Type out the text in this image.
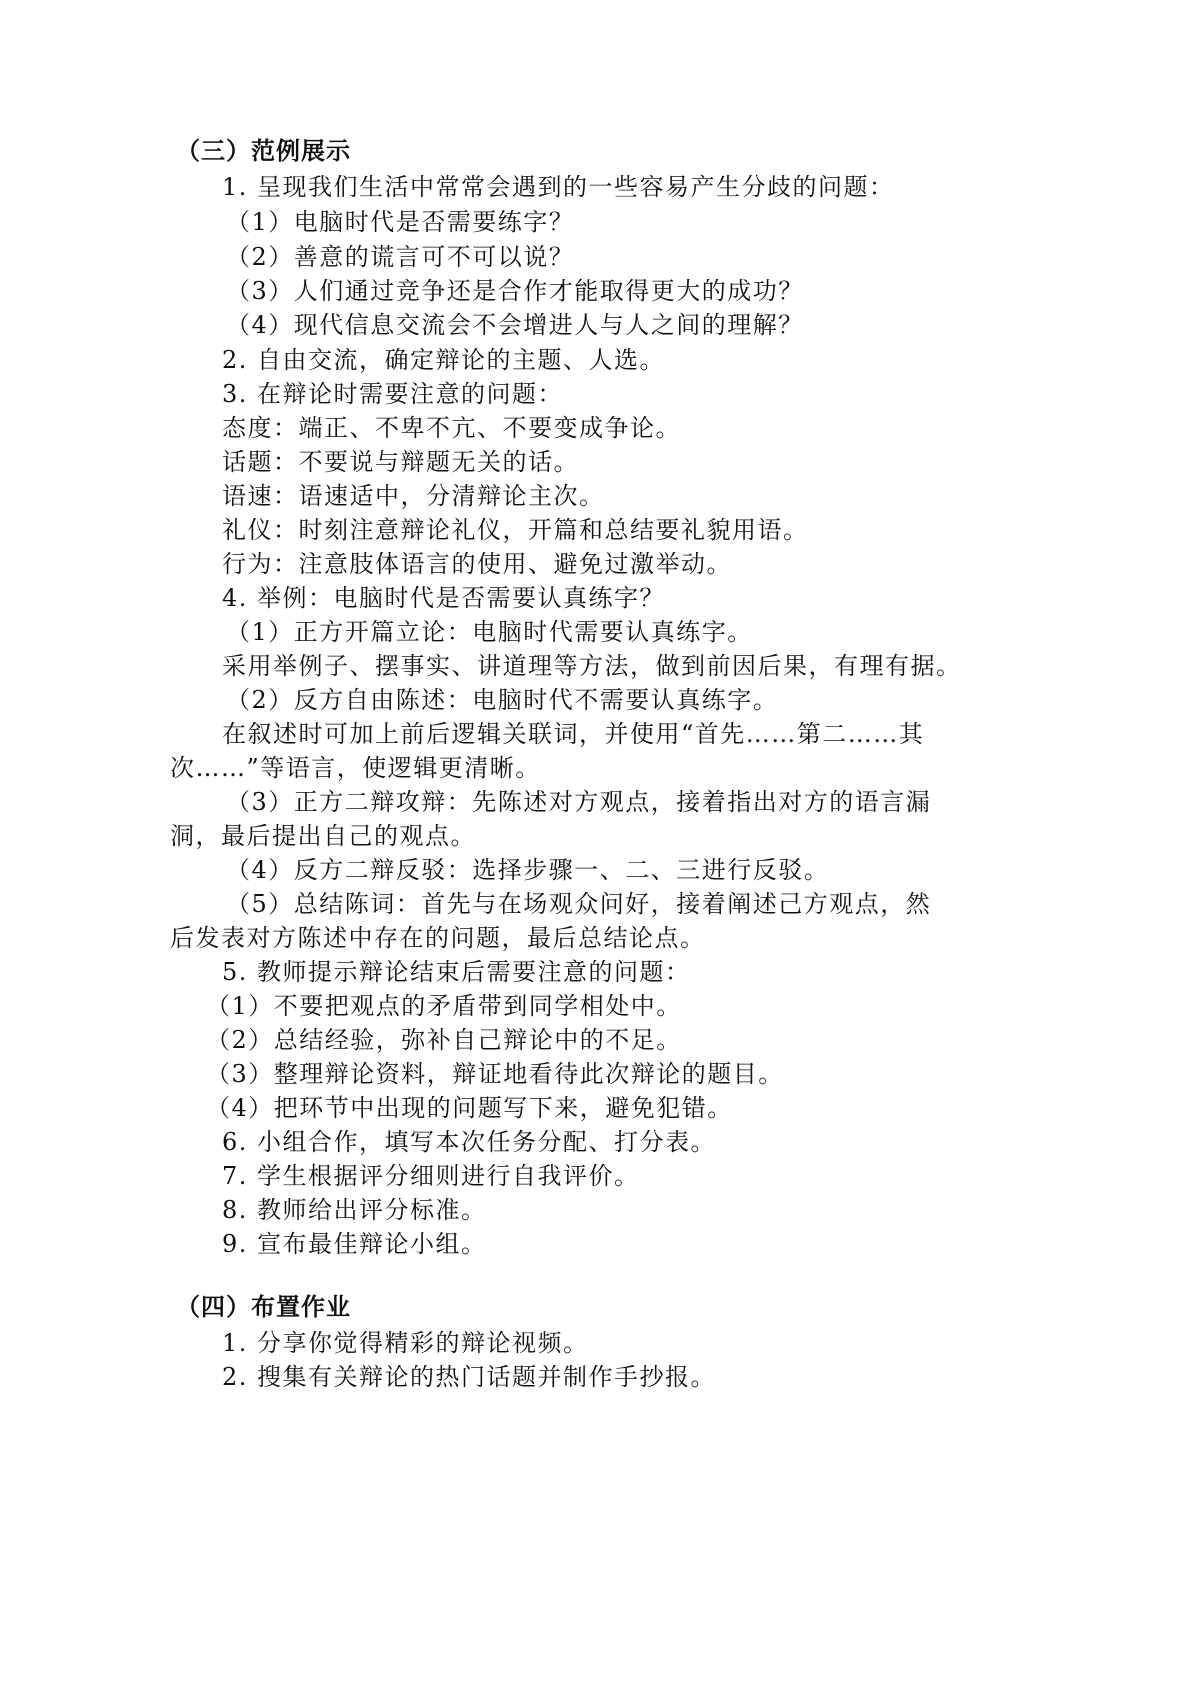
（三）范例展示
1. 呈现我们生活中常常会遇到的一些容易产生分歧的问题：
（1）电脑时代是否需要练字？
（2）善意的谎言可不可以说？
（3）人们通过竞争还是合作才能取得更大的成功？
（4）现代信息交流会不会增进人与人之间的理解？
2. 自由交流，确定辩论的主题、人选。
3. 在辩论时需要注意的问题：
态度：端正、不卑不亢、不要变成争论。
话题：不要说与辩题无关的话。
语速：语速适中，分清辩论主次。
礼仪：时刻注意辩论礼仪，开篇和总结要礼貌用语。
行为：注意肢体语言的使用、避免过激举动。
4. 举例：电脑时代是否需要认真练字？
（1）正方开篇立论：电脑时代需要认真练字。
采用举例子、摆事实、讲道理等方法，做到前因后果，有理有据。
（2）反方自由陈述：电脑时代不需要认真练字。
在叙述时可加上前后逻辑关联词，并使用“首先……第二……其
次……”等语言，使逻辑更清晰。
（3）正方二辩攻辩：先陈述对方观点，接着指出对方的语言漏
洞，最后提出自己的观点。
（4）反方二辩反驳：选择步骤一、二、三进行反驳。
（5）总结陈词：首先与在场观众问好，接着阐述己方观点，然
后发表对方陈述中存在的问题，最后总结论点。
5. 教师提示辩论结束后需要注意的问题：
（1）不要把观点的矛盾带到同学相处中。
（2）总结经验，弥补自己辩论中的不足。
（3）整理辩论资料，辩证地看待此次辩论的题目。
（4）把环节中出现的问题写下来，避免犯错。
6. 小组合作，填写本次任务分配、打分表。
7. 学生根据评分细则进行自我评价。
8. 教师给出评分标准。
9. 宣布最佳辩论小组。
（四）布置作业
1. 分享你觉得精彩的辩论视频。
2. 搜集有关辩论的热门话题并制作手抄报。
